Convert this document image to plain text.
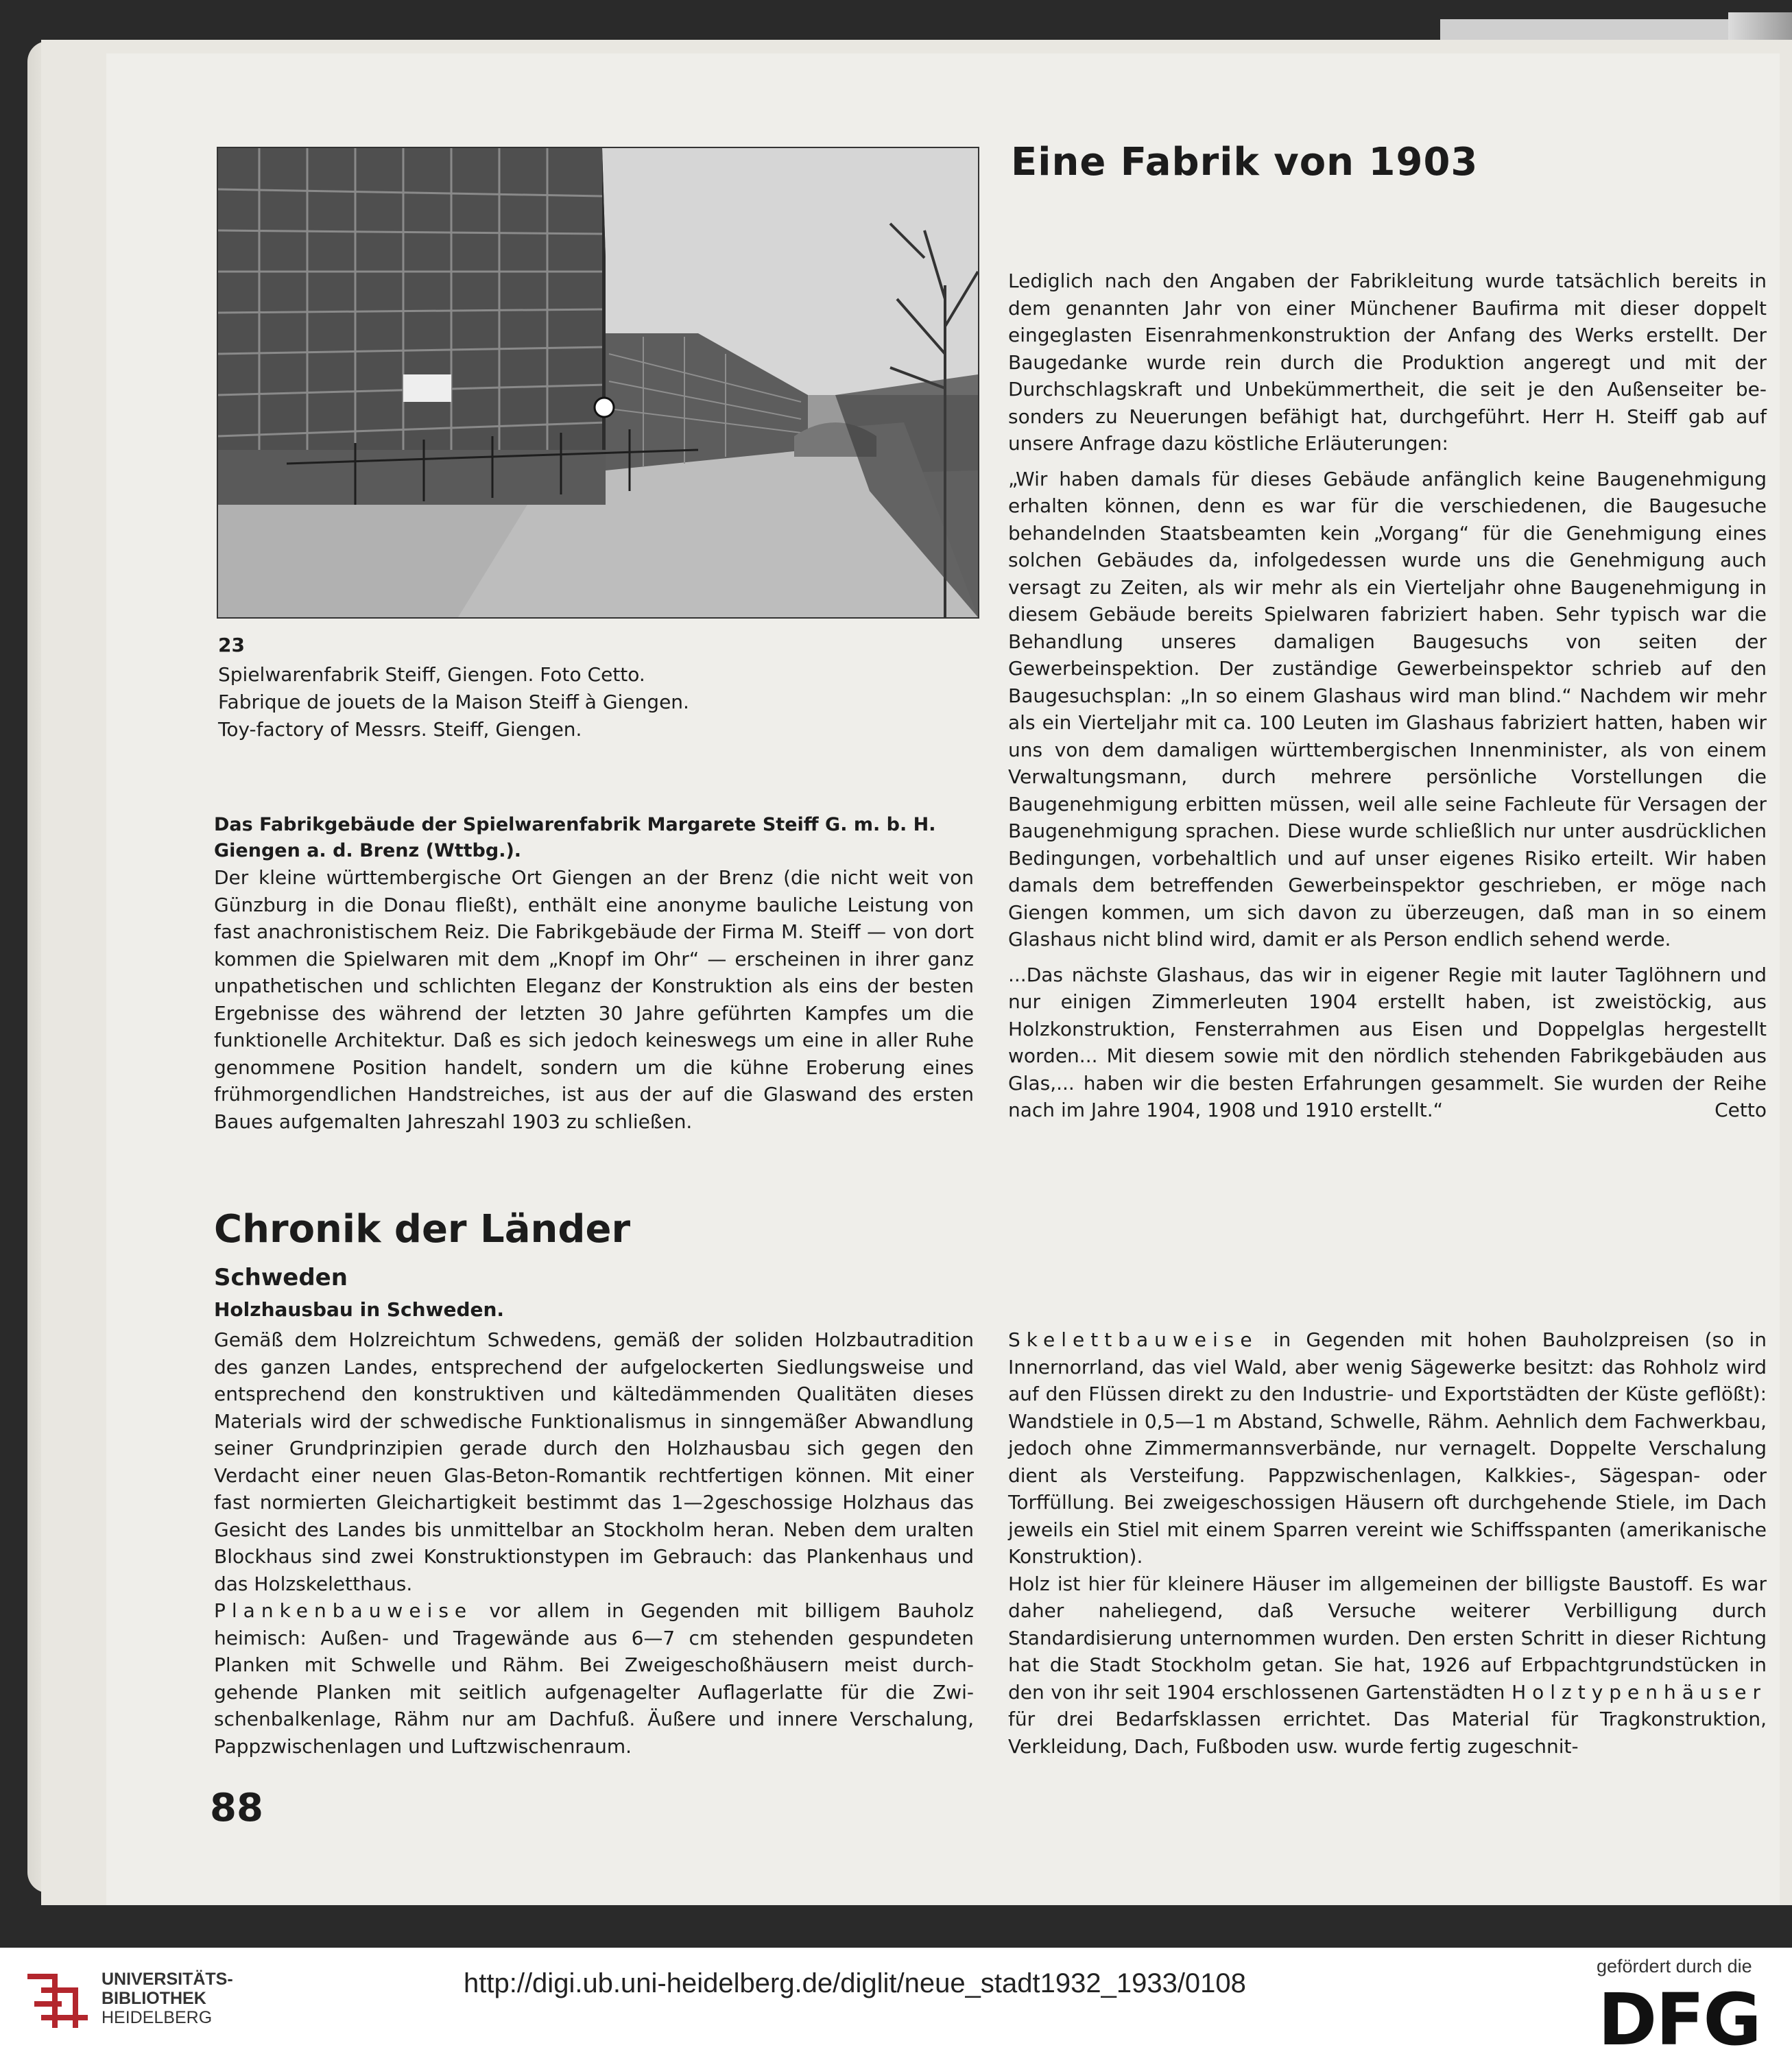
23
Spielwarenfabrik Steiff, Giengen. Foto Cetto.
Fabrique de jouets de la Maison Steiff à Giengen.
Toy-factory of Messrs. Steiff, Giengen.
Eine Fabrik von 1903

Lediglich nach den Angaben der Fabrikleitung wurde tatsächlich bereits in dem genannten Jahr von einer Münchener Baufirma mit dieser doppelt eingeglasten Eisenrahmenkonstruktion der Anfang des Werks erstellt. Der Baugedanke wurde rein durch die Produktion angeregt und mit der Durchschlagskraft und Unbekümmertheit, die seit je den Außenseiter besonders zu Neuerungen befähigt hat, durchgeführt. Herr H. Steiff gab auf unsere Anfrage dazu köstliche Erläuterungen:

„Wir haben damals für dieses Gebäude anfänglich keine Baugenehmigung erhalten können, denn es war für die verschiedenen, die Baugesuche behandelnden Staatsbeamten kein „Vorgang“ für die Genehmigung eines solchen Gebäudes da, infolgedessen wurde uns die Genehmigung auch versagt zu Zeiten, als wir mehr als ein Vierteljahr ohne Baugenehmigung in diesem Gebäude bereits Spielwaren fabriziert haben. Sehr typisch war die Behandlung unseres damaligen Baugesuchs von seiten der Gewerbeinspektion. Der zuständige Gewerbeinspektor schrieb auf den Baugesuchsplan: „In so einem Glashaus wird man blind.“ Nachdem wir mehr als ein Vierteljahr mit ca. 100 Leuten im Glashaus fabriziert hatten, haben wir uns von dem damaligen württembergischen Innenminister, als von einem Verwaltungsmann, durch mehrere persönliche Vorstellungen die Baugenehmigung erbitten müssen, weil alle seine Fachleute für Versagen der Baugenehmigung sprachen. Diese wurde schließlich nur unter ausdrücklichen Bedingungen, vorbehaltlich und auf unser eigenes Risiko erteilt. Wir haben damals dem betreffenden Gewerbeinspektor geschrieben, er möge nach Giengen kommen, um sich davon zu überzeugen, daß man in so einem Glashaus nicht blind wird, damit er als Person endlich sehend werde.

...Das nächste Glashaus, das wir in eigener Regie mit lauter Taglöhnern und nur einigen Zimmerleuten 1904 erstellt haben, ist zweistöckig, aus Holzkonstruktion, Fensterrahmen aus Eisen und Doppelglas hergestellt worden... Mit diesem sowie mit den nördlich stehenden Fabrikgebäuden aus Glas,... haben wir die besten Erfahrungen gesammelt. Sie wurden der Reihe nach im Jahre 1904, 1908 und 1910 erstellt.“	Cetto

Das Fabrikgebäude der Spielwarenfabrik Margarete Steiff G. m. b. H.
Giengen a. d. Brenz (Wttbg.).

Der kleine württembergische Ort Giengen an der Brenz (die nicht weit von Günzburg in die Donau fließt), enthält eine anonyme bauliche Leistung von fast anachronistischem Reiz. Die Fabrikgebäude der Firma M. Steiff — von dort kommen die Spielwaren mit dem „Knopf im Ohr“ — erscheinen in ihrer ganz unpathetischen und schlichten Eleganz der Konstruktion als eins der besten Ergebnisse des während der letzten 30 Jahre geführten Kampfes um die funktionelle Architektur. Daß es sich jedoch keineswegs um eine in aller Ruhe genommene Position handelt, sondern um die kühne Eroberung eines frühmorgendlichen Handstreiches, ist aus der auf die Glaswand des ersten Baues aufgemalten Jahreszahl 1903 zu schließen.

Chronik der Länder
Schweden
Holzhausbau in Schweden.

Gemäß dem Holzreichtum Schwedens, gemäß der soliden Holzbautradition des ganzen Landes, entsprechend der aufgelockerten Siedlungsweise und entsprechend den konstruktiven und kältedämmenden Qualitäten dieses Materials wird der schwedische Funktionalismus in sinngemäßer Abwandlung seiner Grundprinzipien gerade durch den Holzhausbau sich gegen den Verdacht einer neuen Glas-Beton-Romantik rechtfertigen können. Mit einer fast normierten Gleichartigkeit bestimmt das 1—2geschossige Holzhaus das Gesicht des Landes bis unmittelbar an Stockholm heran. Neben dem uralten Blockhaus sind zwei Konstruktionstypen im Gebrauch: das Plankenhaus und das Holzskeletthaus.

Plankenbauweise vor allem in Gegenden mit billigem Bauholz heimisch: Außen- und Tragewände aus 6—7 cm stehenden gespundeten Planken mit Schwelle und Rähm. Bei Zweigeschoßhäusern meist durchgehende Planken mit seitlich aufgenagelter Auflagerlatte für die Zwischenbalkenlage, Rähm nur am Dachfuß. Äußere und innere Verschalung, Pappzwischenlagen und Luftzwischenraum.

Skelettbauweise in Gegenden mit hohen Bauholzpreisen (so in Innernorrland, das viel Wald, aber wenig Sägewerke besitzt: das Rohholz wird auf den Flüssen direkt zu den Industrie- und Exportstädten der Küste geflößt): Wandstiele in 0,5—1 m Abstand, Schwelle, Rähm. Aehnlich dem Fachwerkbau, jedoch ohne Zimmermannsverbände, nur vernagelt. Doppelte Verschalung dient als Versteifung. Pappzwischenlagen, Kalkkies-, Sägespan- oder Torffüllung. Bei zweigeschossigen Häusern oft durchgehende Stiele, im Dach jeweils ein Stiel mit einem Sparren vereint wie Schiffsspanten (amerikanische Konstruktion).

Holz ist hier für kleinere Häuser im allgemeinen der billigste Baustoff. Es war daher naheliegend, daß Versuche weiterer Verbilligung durch Standardisierung unternommen wurden. Den ersten Schritt in dieser Richtung hat die Stadt Stockholm getan. Sie hat, 1926 auf Erbpachtgrundstücken in den von ihr seit 1904 erschlossenen Gartenstädten Holztypenhäuser für drei Bedarfsklassen errichtet. Das Material für Tragkonstruktion, Verkleidung, Dach, Fußboden usw. wurde fertig zugeschnit-

88
UNIVERSITÄTS-
BIBLIOTHEK
HEIDELBERG
http://digi.ub.uni-heidelberg.de/diglit/neue_stadt1932_1933/0108
gefördert durch die
DFG
